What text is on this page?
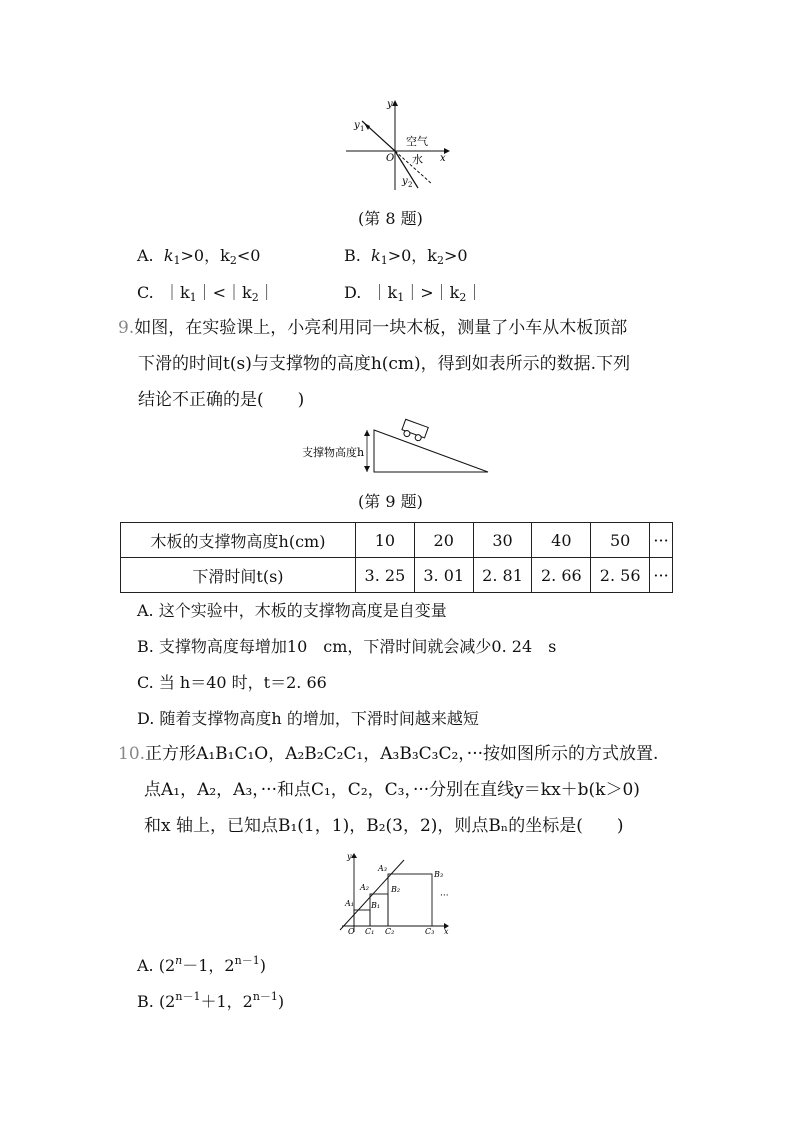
y
x
O
y 1
y 2
空气
水
(第 8 题)
A. $k_1>0$，$k_2<0$	B. $k_1>0$，$k_2>0$
C. $|k_1|<|k_2|$	D. $|k_1|>|k_2|$
9.如图，在实验课上，小亮利用同一块木板，测量了小车从木板顶部
下滑的时间t(s)与支撑物的高度h(cm)，得到如表所示的数据.下列
结论不正确的是(　　)
支撑物高度h
(第 9 题)
木板的支撑物高度h(cm)	10	20	30	40	50	···
下滑时间t(s)	3. 25	3. 01	2. 81	2. 66	2. 56	···
A. 这个实验中，木板的支撑物高度是自变量
B. 支撑物高度每增加10　cm，下滑时间就会减少0. 24　s
C. 当 h＝40 时，t＝2. 66
D. 随着支撑物高度h 的增加，下滑时间越来越短
10.正方形A₁B₁C₁O，A₂B₂C₂C₁，A₃B₃C₃C₂，···按如图所示的方式放置.
点A₁，A₂，A₃，···和点C₁，C₂，C₃，···分别在直线y＝kx＋b(k＞0)
和x 轴上，已知点B₁(1，1)，B₂(3，2)，则点Bₙ的坐标是(　　)
y
x
O
A₁
A₂
A₃
B₁
B₂
B₃
C₁ C₂	C₃
···
A. ($2^n-1$，$2^{n-1}$)
B. ($2^{n-1}+1$，$2^{n-1}$)
